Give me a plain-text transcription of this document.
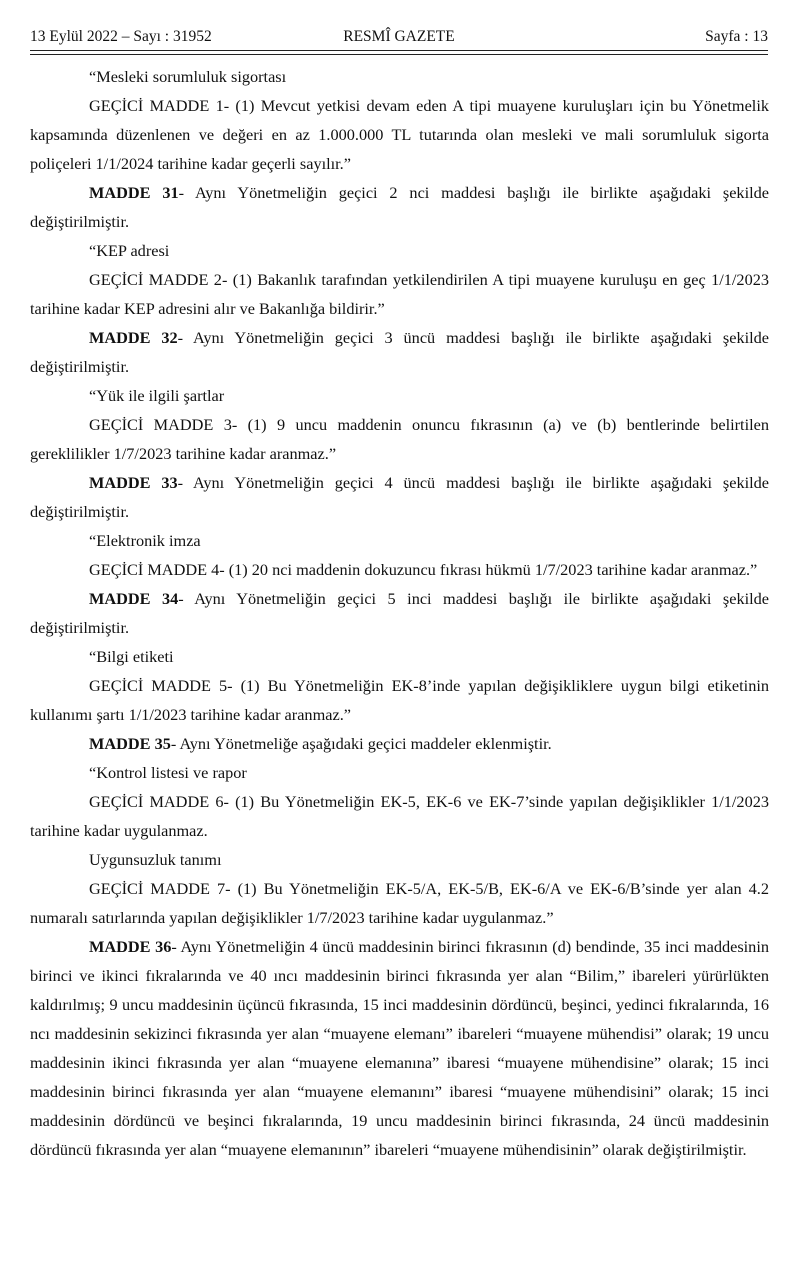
13 Eylül 2022 – Sayı : 31952	RESMÎ GAZETE	Sayfa : 13

“Mesleki sorumluluk sigortası

GEÇİCİ MADDE 1- (1) Mevcut yetkisi devam eden A tipi muayene kuruluşları için bu Yönetmelik kapsamında düzenlenen ve değeri en az 1.000.000 TL tutarında olan mesleki ve mali sorumluluk sigorta poliçeleri 1/1/2024 tarihine kadar geçerli sayılır.”

MADDE 31- Aynı Yönetmeliğin geçici 2 nci maddesi başlığı ile birlikte aşağıdaki şekilde değiştirilmiştir.

“KEP adresi

GEÇİCİ MADDE 2- (1) Bakanlık tarafından yetkilendirilen A tipi muayene kuruluşu en geç 1/1/2023 tarihine kadar KEP adresini alır ve Bakanlığa bildirir.”

MADDE 32- Aynı Yönetmeliğin geçici 3 üncü maddesi başlığı ile birlikte aşağıdaki şekilde değiştirilmiştir.

“Yük ile ilgili şartlar

GEÇİCİ MADDE 3- (1) 9 uncu maddenin onuncu fıkrasının (a) ve (b) bentlerinde belirtilen gereklilikler 1/7/2023 tarihine kadar aranmaz.”

MADDE 33- Aynı Yönetmeliğin geçici 4 üncü maddesi başlığı ile birlikte aşağıdaki şekilde değiştirilmiştir.

“Elektronik imza

GEÇİCİ MADDE 4- (1) 20 nci maddenin dokuzuncu fıkrası hükmü 1/7/2023 tarihine kadar aranmaz.”

MADDE 34- Aynı Yönetmeliğin geçici 5 inci maddesi başlığı ile birlikte aşağıdaki şekilde değiştirilmiştir.

“Bilgi etiketi

GEÇİCİ MADDE 5- (1) Bu Yönetmeliğin EK-8’inde yapılan değişikliklere uygun bilgi etiketinin kullanımı şartı 1/1/2023 tarihine kadar aranmaz.”

MADDE 35- Aynı Yönetmeliğe aşağıdaki geçici maddeler eklenmiştir.

“Kontrol listesi ve rapor

GEÇİCİ MADDE 6- (1) Bu Yönetmeliğin EK-5, EK-6 ve EK-7’sinde yapılan değişiklikler 1/1/2023 tarihine kadar uygulanmaz.

Uygunsuzluk tanımı

GEÇİCİ MADDE 7- (1) Bu Yönetmeliğin EK-5/A, EK-5/B, EK-6/A ve EK-6/B’sinde yer alan 4.2 numaralı satırlarında yapılan değişiklikler 1/7/2023 tarihine kadar uygulanmaz.”

MADDE 36- Aynı Yönetmeliğin 4 üncü maddesinin birinci fıkrasının (d) bendinde, 35 inci maddesinin birinci ve ikinci fıkralarında ve 40 ıncı maddesinin birinci fıkrasında yer alan “Bilim,” ibareleri yürürlükten kaldırılmış; 9 uncu maddesinin üçüncü fıkrasında, 15 inci maddesinin dördüncü, beşinci, yedinci fıkralarında, 16 ncı maddesinin sekizinci fıkrasında yer alan “muayene elemanı” ibareleri “muayene mühendisi” olarak; 19 uncu maddesinin ikinci fıkrasında yer alan “muayene elemanına” ibaresi “muayene mühendisine” olarak; 15 inci maddesinin birinci fıkrasında yer alan “muayene elemanını” ibaresi “muayene mühendisini” olarak; 15 inci maddesinin dördüncü ve beşinci fıkralarında, 19 uncu maddesinin birinci fıkrasında, 24 üncü maddesinin dördüncü fıkrasında yer alan “muayene elemanının” ibareleri “muayene mühendisinin” olarak değiştirilmiştir.
